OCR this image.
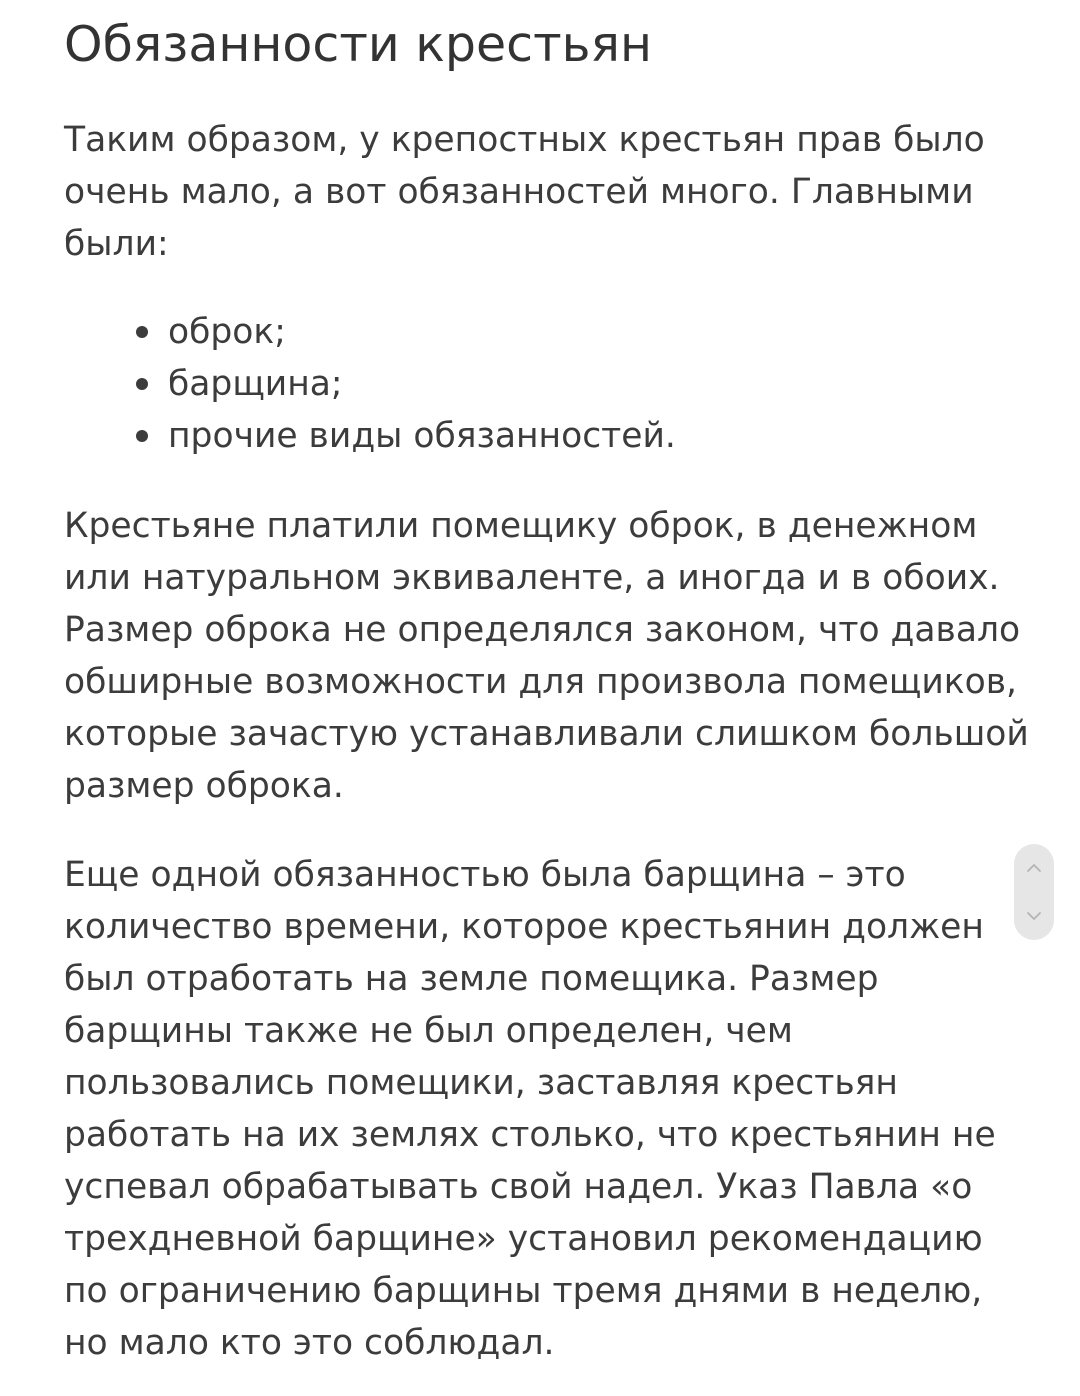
Обязанности крестьян

Таким образом, у крепостных крестьян прав было
очень мало, а вот обязанностей много. Главными
были:

оброк;
барщина;
прочие виды обязанностей.

Крестьяне платили помещику оброк, в денежном
или натуральном эквиваленте, а иногда и в обоих.
Размер оброка не определялся законом, что давало
обширные возможности для произвола помещиков,
которые зачастую устанавливали слишком большой
размер оброка.

Еще одной обязанностью была барщина – это
количество времени, которое крестьянин должен
был отработать на земле помещика. Размер
барщины также не был определен, чем
пользовались помещики, заставляя крестьян
работать на их землях столько, что крестьянин не
успевал обрабатывать свой надел. Указ Павла «о
трехдневной барщине» установил рекомендацию
по ограничению барщины тремя днями в неделю,
но мало кто это соблюдал.
